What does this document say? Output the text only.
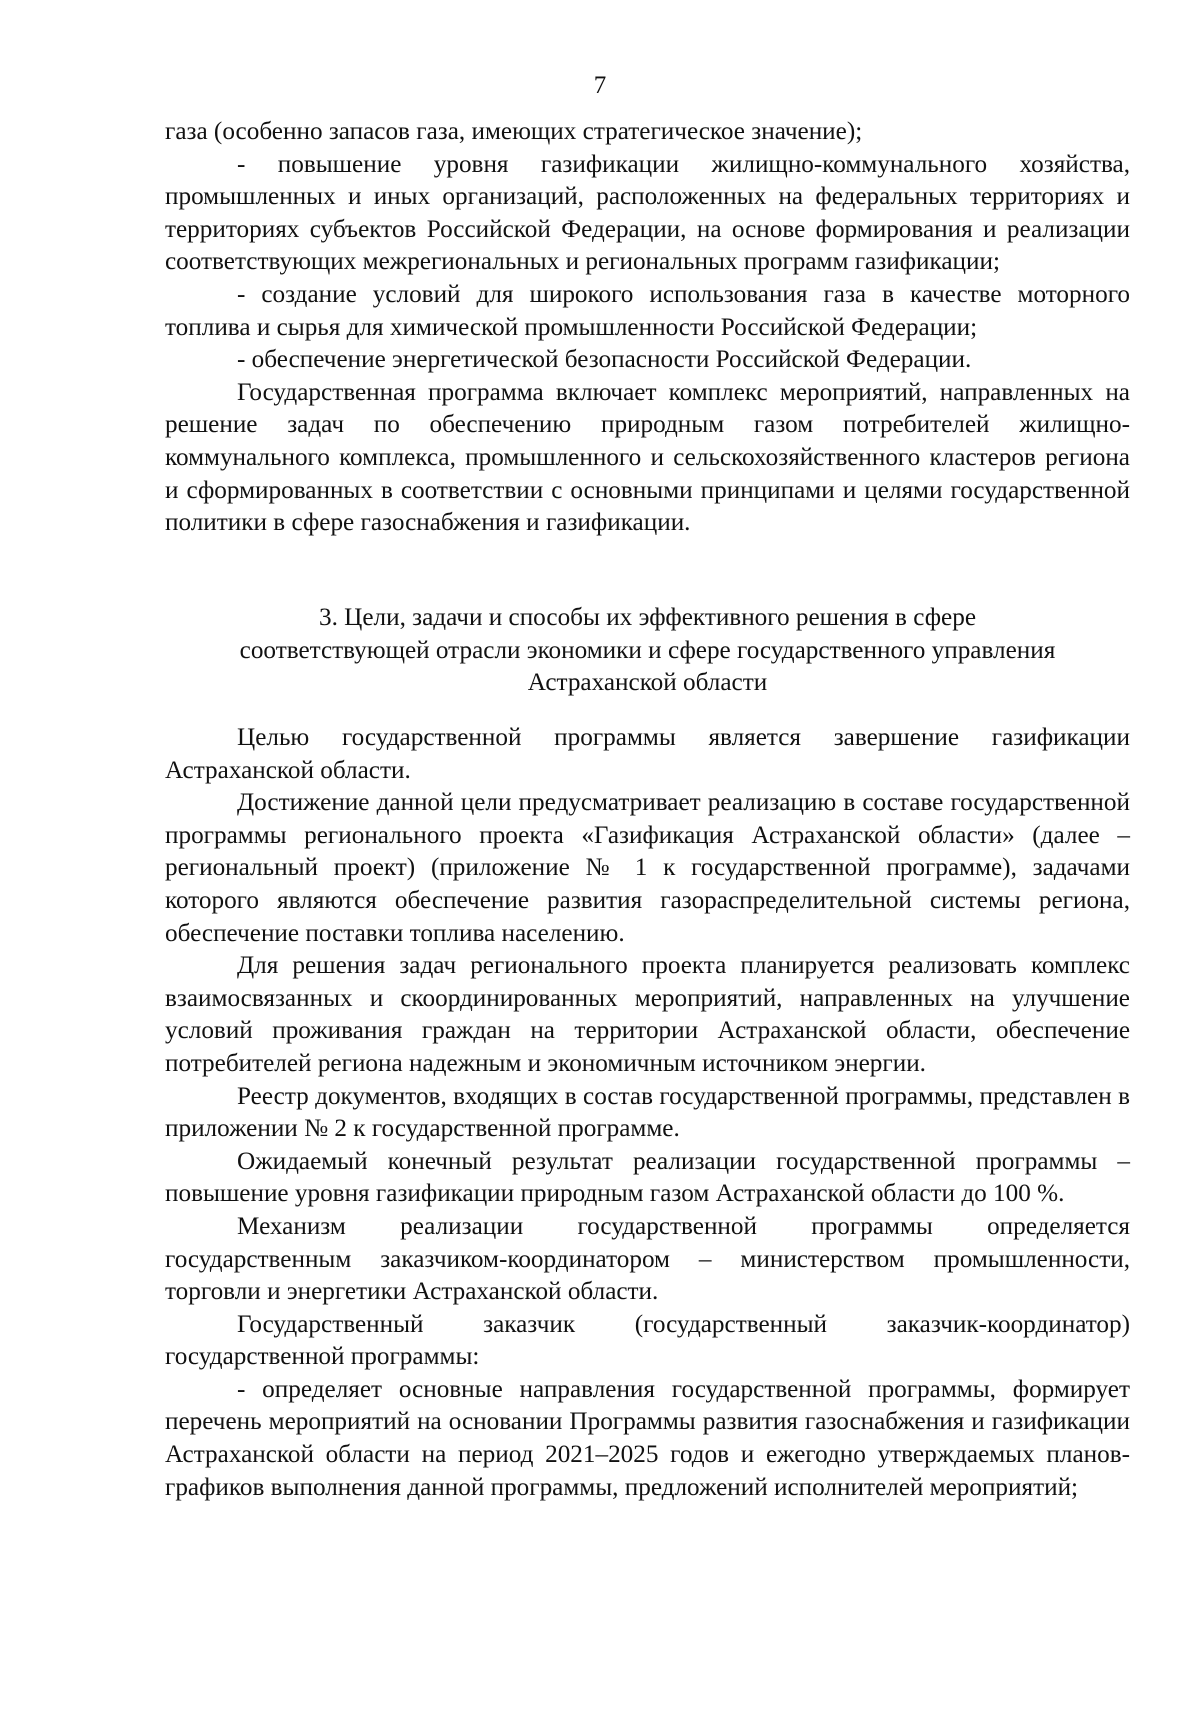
7

газа (особенно запасов газа, имеющих стратегическое значение);

- повышение уровня газификации жилищно-коммунального хозяйства, промышленных и иных организаций, расположенных на федеральных территориях и территориях субъектов Российской Федерации, на основе формирования и реализации соответствующих межрегиональных и региональных программ газификации;

- создание условий для широкого использования газа в качестве моторного топлива и сырья для химической промышленности Российской Федерации;

- обеспечение энергетической безопасности Российской Федерации.

Государственная программа включает комплекс мероприятий, направленных на решение задач по обеспечению природным газом потребителей жилищно-коммунального комплекса, промышленного и сельскохозяйственного кластеров региона и сформированных в соответствии с основными принципами и целями государственной политики в сфере газоснабжения и газификации.

3. Цели, задачи и способы их эффективного решения в сфере

соответствующей отрасли экономики и сфере государственного управления

Астраханской области

Целью государственной программы является завершение газификации Астраханской области.

Достижение данной цели предусматривает реализацию в составе государственной программы регионального проекта «Газификация Астраханской области» (далее – региональный проект) (приложение № 1 к государственной программе), задачами которого являются обеспечение развития газораспределительной системы региона, обеспечение поставки топлива населению.

Для решения задач регионального проекта планируется реализовать комплекс взаимосвязанных и скоординированных мероприятий, направленных на улучшение условий проживания граждан на территории Астраханской области, обеспечение потребителей региона надежным и экономичным источником энергии.

Реестр документов, входящих в состав государственной программы, представлен в приложении № 2 к государственной программе.

Ожидаемый конечный результат реализации государственной программы – повышение уровня газификации природным газом Астраханской области до 100 %.

Механизм реализации государственной программы определяется государственным заказчиком-координатором – министерством промышленности, торговли и энергетики Астраханской области.

Государственный заказчик (государственный заказчик-координатор) государственной программы:

- определяет основные направления государственной программы, формирует перечень мероприятий на основании Программы развития газоснабжения и газификации Астраханской области на период 2021–2025 годов и ежегодно утверждаемых планов-графиков выполнения данной программы, предложений исполнителей мероприятий;
